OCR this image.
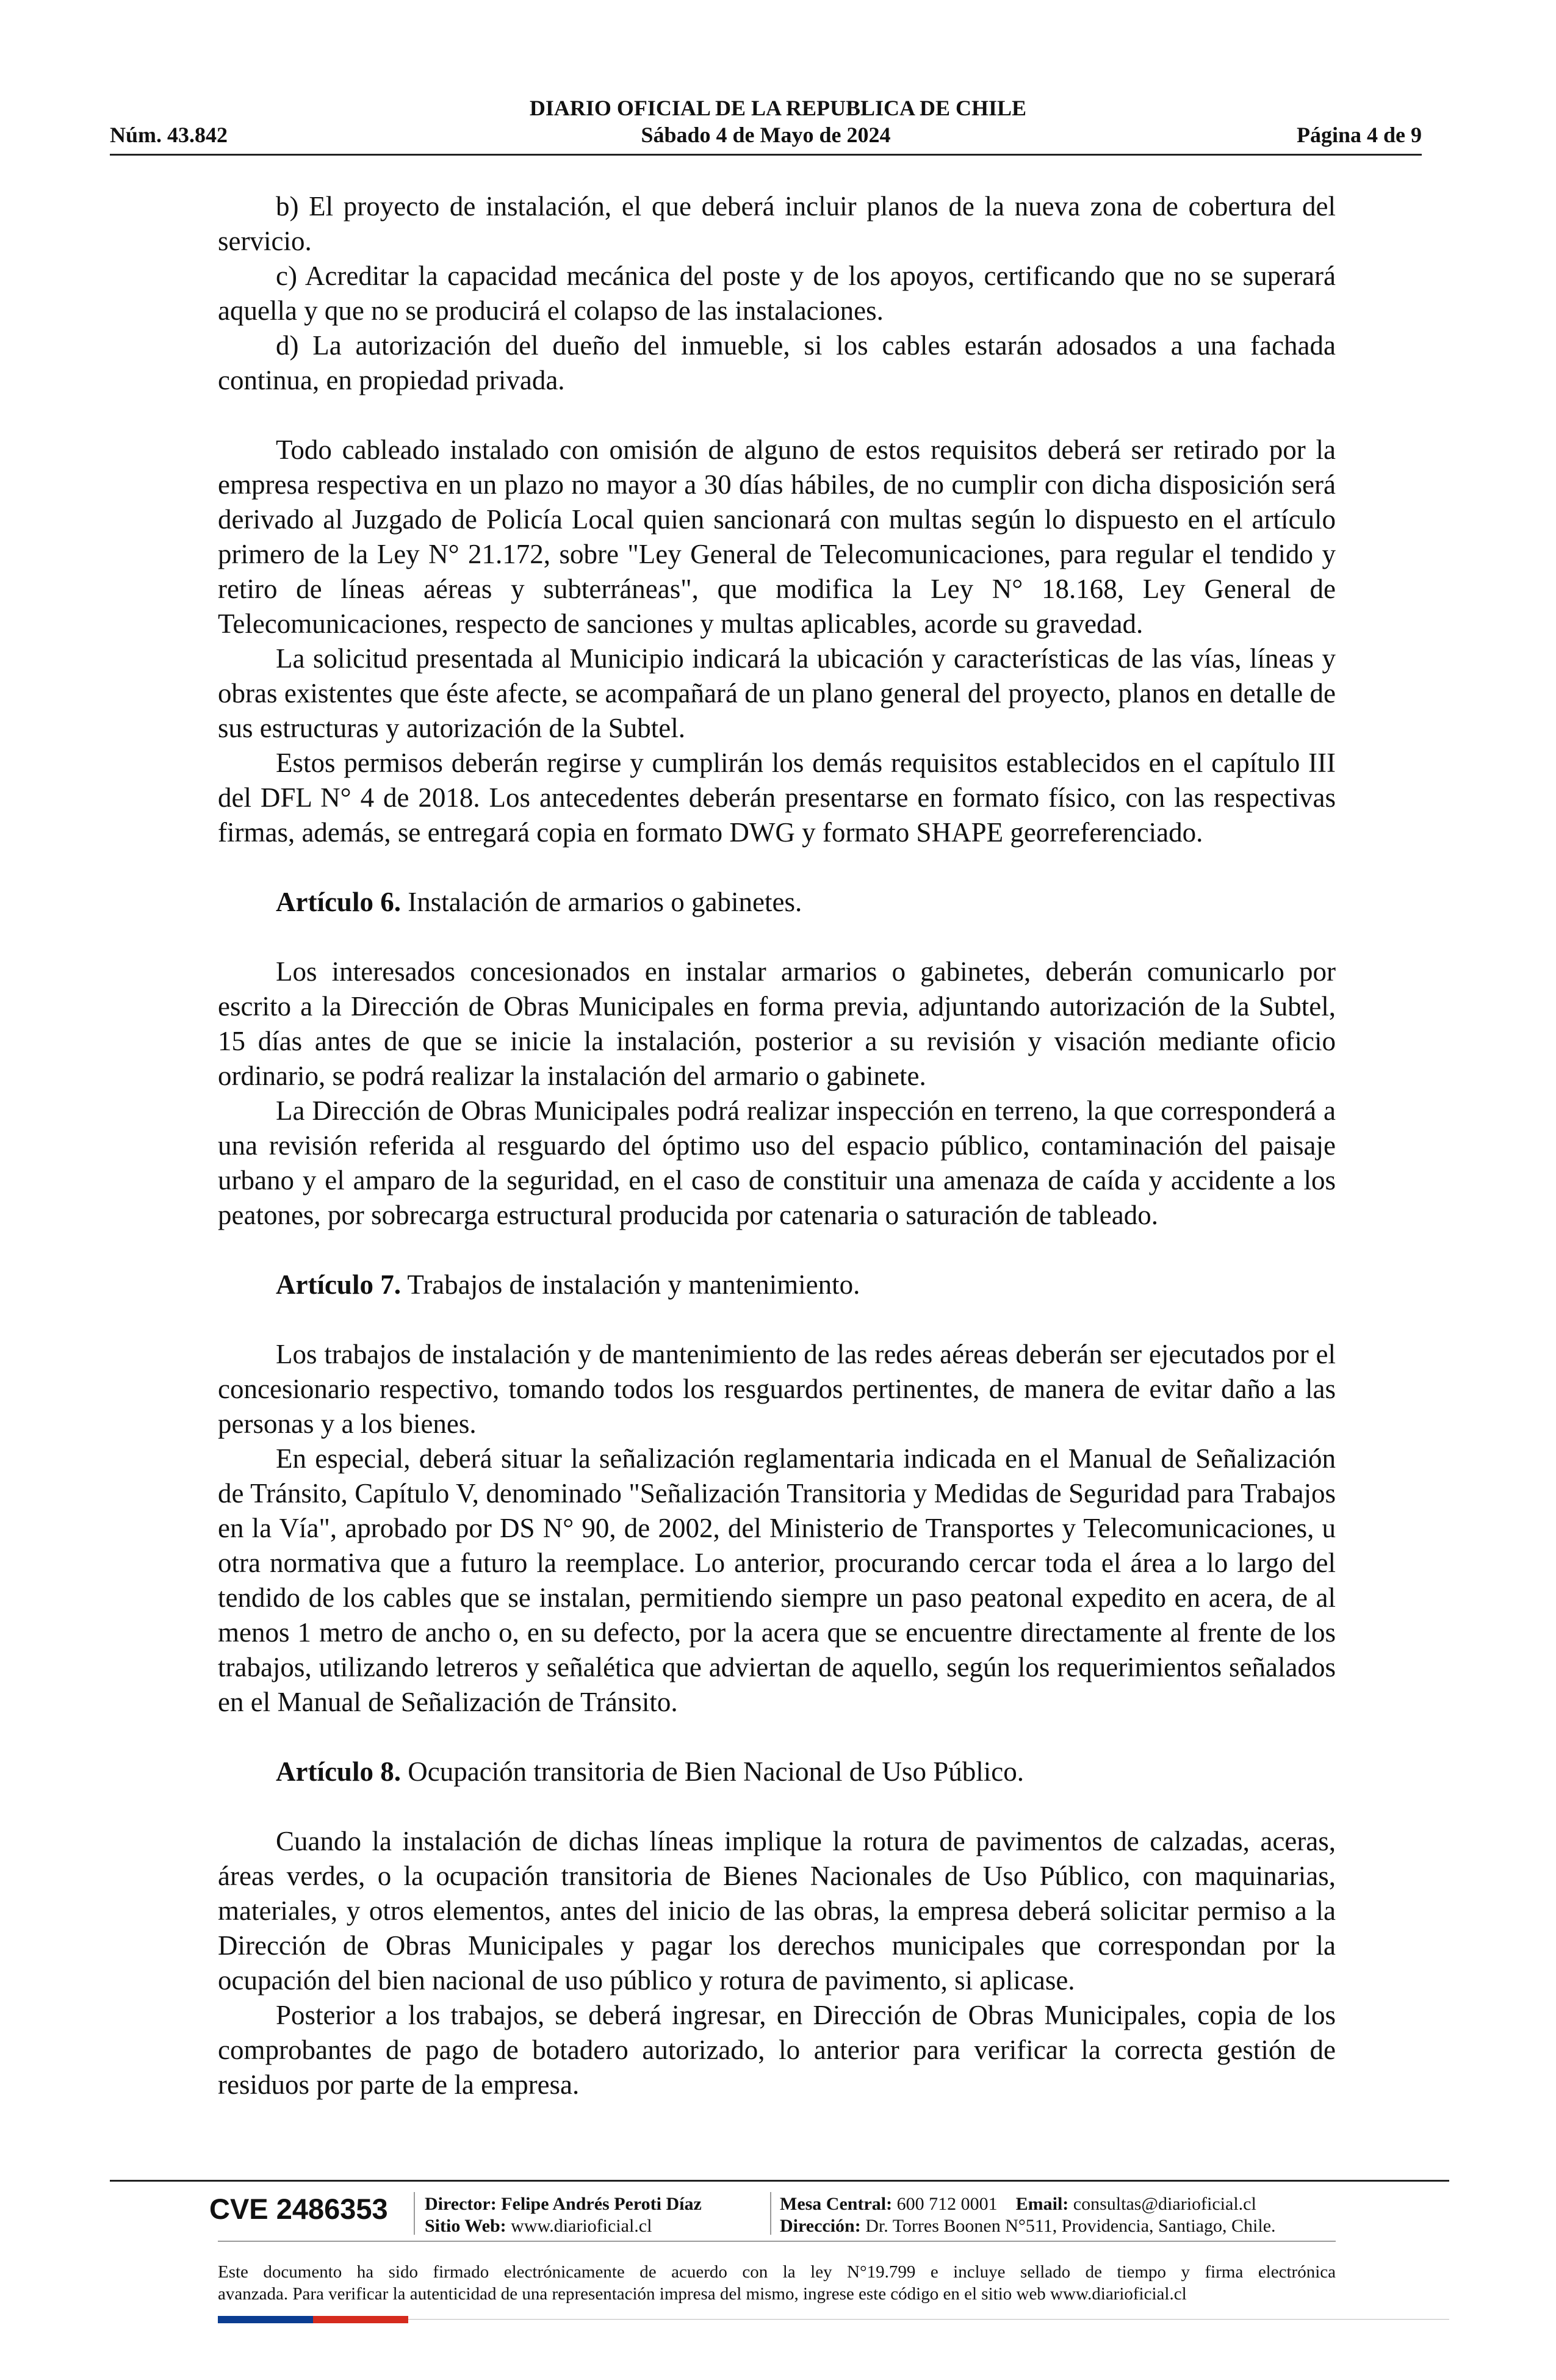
DIARIO OFICIAL DE LA REPUBLICA DE CHILE
Núm. 43.842	Sábado 4 de Mayo de 2024	Página 4 de 9

b) El proyecto de instalación, el que deberá incluir planos de la nueva zona de cobertura del servicio.

c) Acreditar la capacidad mecánica del poste y de los apoyos, certificando que no se superará aquella y que no se producirá el colapso de las instalaciones.

d) La autorización del dueño del inmueble, si los cables estarán adosados a una fachada continua, en propiedad privada.

Todo cableado instalado con omisión de alguno de estos requisitos deberá ser retirado por la empresa respectiva en un plazo no mayor a 30 días hábiles, de no cumplir con dicha disposición será derivado al Juzgado de Policía Local quien sancionará con multas según lo dispuesto en el artículo primero de la Ley N° 21.172, sobre "Ley General de Telecomunicaciones, para regular el tendido y retiro de líneas aéreas y subterráneas", que modifica la Ley N° 18.168, Ley General de Telecomunicaciones, respecto de sanciones y multas aplicables, acorde su gravedad.

La solicitud presentada al Municipio indicará la ubicación y características de las vías, líneas y obras existentes que éste afecte, se acompañará de un plano general del proyecto, planos en detalle de sus estructuras y autorización de la Subtel.

Estos permisos deberán regirse y cumplirán los demás requisitos establecidos en el capítulo III del DFL N° 4 de 2018. Los antecedentes deberán presentarse en formato físico, con las respectivas firmas, además, se entregará copia en formato DWG y formato SHAPE georreferenciado.

Artículo 6. Instalación de armarios o gabinetes.

Los interesados concesionados en instalar armarios o gabinetes, deberán comunicarlo por escrito a la Dirección de Obras Municipales en forma previa, adjuntando autorización de la Subtel, 15 días antes de que se inicie la instalación, posterior a su revisión y visación mediante oficio ordinario, se podrá realizar la instalación del armario o gabinete.

La Dirección de Obras Municipales podrá realizar inspección en terreno, la que corresponderá a una revisión referida al resguardo del óptimo uso del espacio público, contaminación del paisaje urbano y el amparo de la seguridad, en el caso de constituir una amenaza de caída y accidente a los peatones, por sobrecarga estructural producida por catenaria o saturación de tableado.

Artículo 7. Trabajos de instalación y mantenimiento.

Los trabajos de instalación y de mantenimiento de las redes aéreas deberán ser ejecutados por el concesionario respectivo, tomando todos los resguardos pertinentes, de manera de evitar daño a las personas y a los bienes.

En especial, deberá situar la señalización reglamentaria indicada en el Manual de Señalización de Tránsito, Capítulo V, denominado "Señalización Transitoria y Medidas de Seguridad para Trabajos en la Vía", aprobado por DS N° 90, de 2002, del Ministerio de Transportes y Telecomunicaciones, u otra normativa que a futuro la reemplace. Lo anterior, procurando cercar toda el área a lo largo del tendido de los cables que se instalan, permitiendo siempre un paso peatonal expedito en acera, de al menos 1 metro de ancho o, en su defecto, por la acera que se encuentre directamente al frente de los trabajos, utilizando letreros y señalética que adviertan de aquello, según los requerimientos señalados en el Manual de Señalización de Tránsito.

Artículo 8. Ocupación transitoria de Bien Nacional de Uso Público.

Cuando la instalación de dichas líneas implique la rotura de pavimentos de calzadas, aceras, áreas verdes, o la ocupación transitoria de Bienes Nacionales de Uso Público, con maquinarias, materiales, y otros elementos, antes del inicio de las obras, la empresa deberá solicitar permiso a la Dirección de Obras Municipales y pagar los derechos municipales que correspondan por la ocupación del bien nacional de uso público y rotura de pavimento, si aplicase.

Posterior a los trabajos, se deberá ingresar, en Dirección de Obras Municipales, copia de los comprobantes de pago de botadero autorizado, lo anterior para verificar la correcta gestión de residuos por parte de la empresa.

CVE 2486353	Director: Felipe Andrés Peroti Díaz
Sitio Web: www.diarioficial.cl
Mesa Central: 600 712 0001 Email: consultas@diarioficial.cl
Dirección: Dr. Torres Boonen N°511, Providencia, Santiago, Chile.
Este documento ha sido firmado electrónicamente de acuerdo con la ley N°19.799 e incluye sellado de tiempo y firma electrónica
avanzada. Para verificar la autenticidad de una representación impresa del mismo, ingrese este código en el sitio web www.diarioficial.cl
